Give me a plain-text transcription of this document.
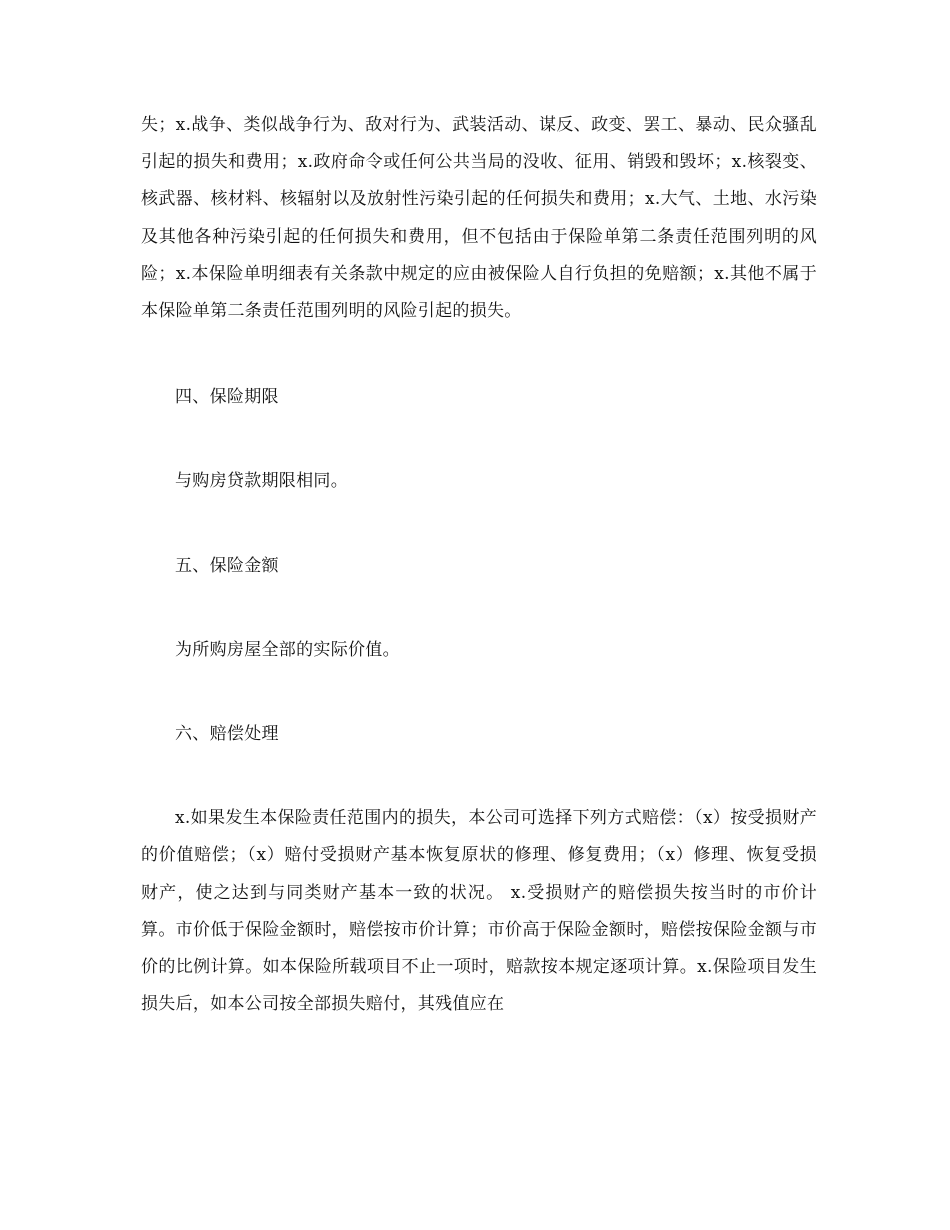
失；x.战争、类似战争行为、敌对行为、武装活动、谋反、政变、罢工、暴动、民众骚乱引起的损失和费用；x.政府命令或任何公共当局的没收、征用、销毁和毁坏；x.核裂变、核武器、核材料、核辐射以及放射性污染引起的任何损失和费用；x.大气、土地、水污染及其他各种污染引起的任何损失和费用，但不包括由于保险单第二条责任范围列明的风险；x.本保险单明细表有关条款中规定的应由被保险人自行负担的免赔额；x.其他不属于本保险单第二条责任范围列明的风险引起的损失。

四、保险期限

与购房贷款期限相同。

五、保险金额

为所购房屋全部的实际价值。

六、赔偿处理

x.如果发生本保险责任范围内的损失，本公司可选择下列方式赔偿：（x）按受损财产的价值赔偿；（x）赔付受损财产基本恢复原状的修理、修复费用；（x）修理、恢复受损财产，使之达到与同类财产基本一致的状况。 x.受损财产的赔偿损失按当时的市价计算。市价低于保险金额时，赔偿按市价计算；市价高于保险金额时，赔偿按保险金额与市价的比例计算。如本保险所载项目不止一项时，赔款按本规定逐项计算。x.保险项目发生损失后，如本公司按全部损失赔付，其残值应在
